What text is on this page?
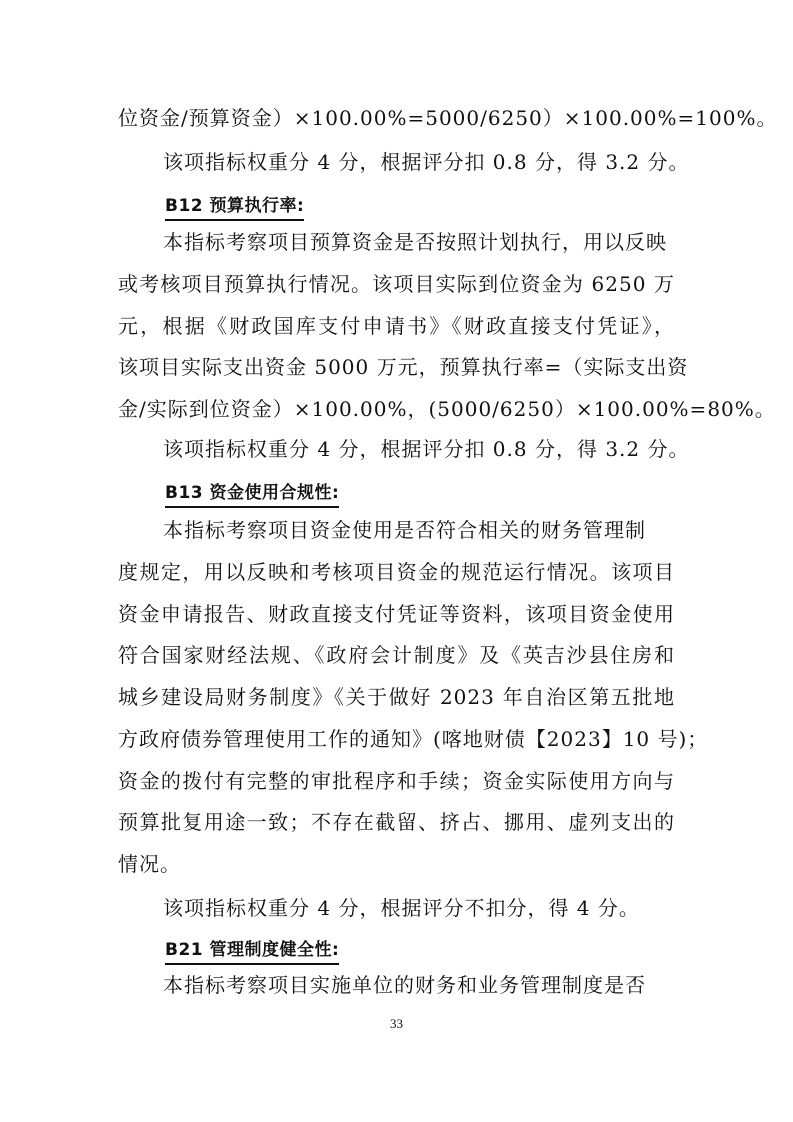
位资金/预算资金）×100.00%=5000/6250）×100.00%=100%。
该项指标权重分 4 分，根据评分扣 0.8 分，得 3.2 分。
B12 预算执行率:
本指标考察项目预算资金是否按照计划执行，用以反映
或考核项目预算执行情况。该项目实际到位资金为 6250 万
元，根据《财政国库支付申请书》《财政直接支付凭证》，
该项目实际支出资金 5000 万元，预算执行率=（实际支出资
金/实际到位资金）×100.00%，(5000/6250）×100.00%=80%。
该项指标权重分 4 分，根据评分扣 0.8 分，得 3.2 分。
B13 资金使用合规性:
本指标考察项目资金使用是否符合相关的财务管理制
度规定，用以反映和考核项目资金的规范运行情况。该项目
资金申请报告、财政直接支付凭证等资料，该项目资金使用
符合国家财经法规、《政府会计制度》及《英吉沙县住房和
城乡建设局财务制度》《关于做好 2023 年自治区第五批地
方政府债券管理使用工作的通知》(喀地财债【2023】10 号)；
资金的拨付有完整的审批程序和手续；资金实际使用方向与
预算批复用途一致；不存在截留、挤占、挪用、虚列支出的
情况。
该项指标权重分 4 分，根据评分不扣分，得 4 分。
B21 管理制度健全性:
本指标考察项目实施单位的财务和业务管理制度是否
33
